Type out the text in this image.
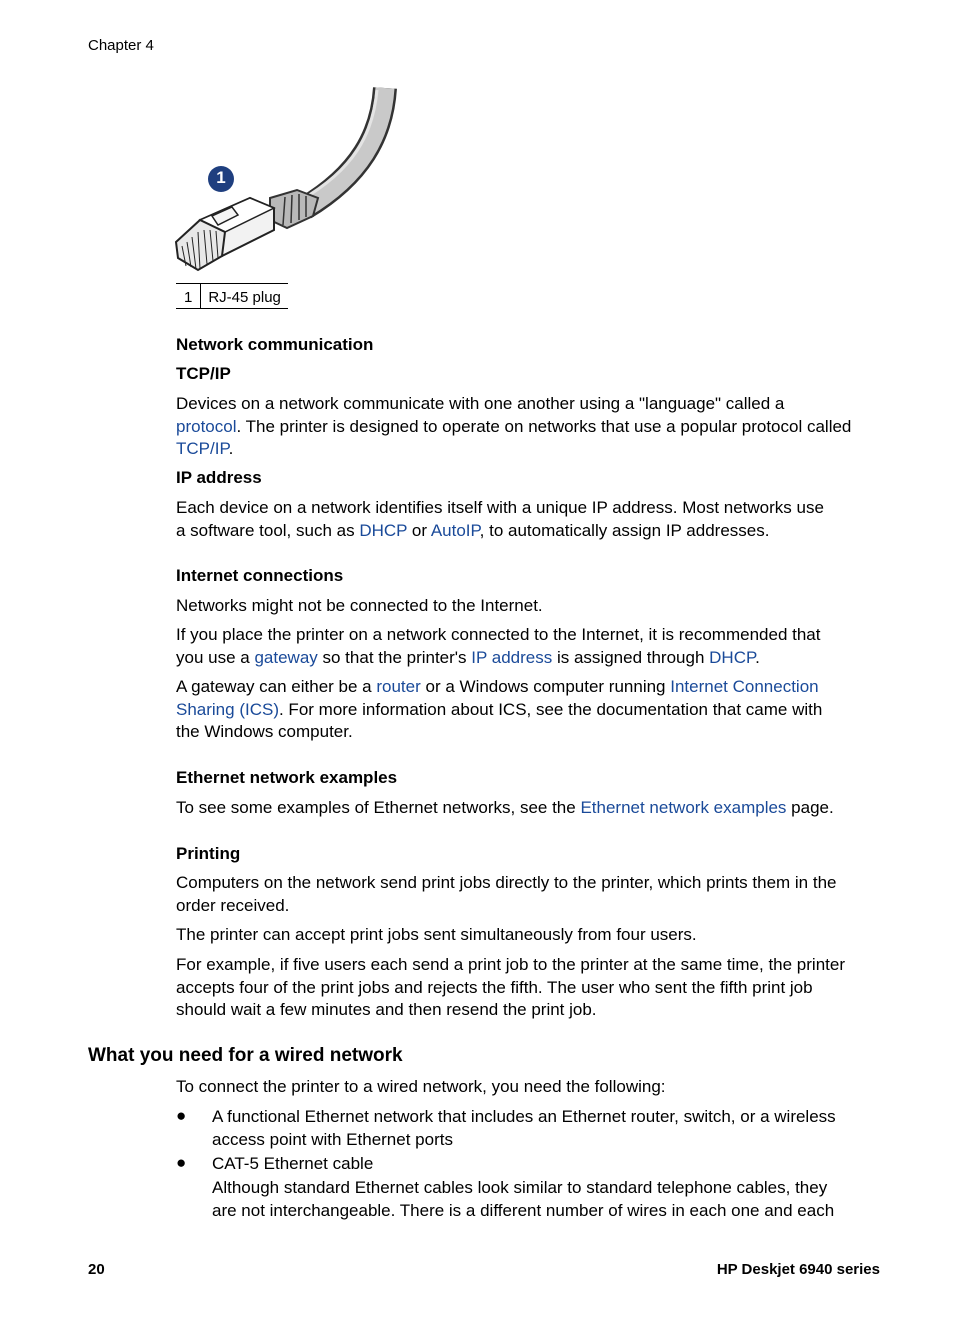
Chapter 4
1
1	RJ-45 plug
Network communication
TCP/IP
Devices on a network communicate with one another using a "language" called a
protocol. The printer is designed to operate on networks that use a popular protocol called
TCP/IP.
IP address
Each device on a network identifies itself with a unique IP address. Most networks use
a software tool, such as DHCP or AutoIP, to automatically assign IP addresses.
Internet connections
Networks might not be connected to the Internet.
If you place the printer on a network connected to the Internet, it is recommended that
you use a gateway so that the printer's IP address is assigned through DHCP.
A gateway can either be a router or a Windows computer running Internet Connection
Sharing (ICS). For more information about ICS, see the documentation that came with
the Windows computer.
Ethernet network examples
To see some examples of Ethernet networks, see the Ethernet network examples page.
Printing
Computers on the network send print jobs directly to the printer, which prints them in the
order received.
The printer can accept print jobs sent simultaneously from four users.
For example, if five users each send a print job to the printer at the same time, the printer
accepts four of the print jobs and rejects the fifth. The user who sent the fifth print job
should wait a few minutes and then resend the print job.
What you need for a wired network
To connect the printer to a wired network, you need the following:
● A functional Ethernet network that includes an Ethernet router, switch, or a wireless
access point with Ethernet ports
● CAT-5 Ethernet cable
Although standard Ethernet cables look similar to standard telephone cables, they
are not interchangeable. There is a different number of wires in each one and each
20	HP Deskjet 6940 series
